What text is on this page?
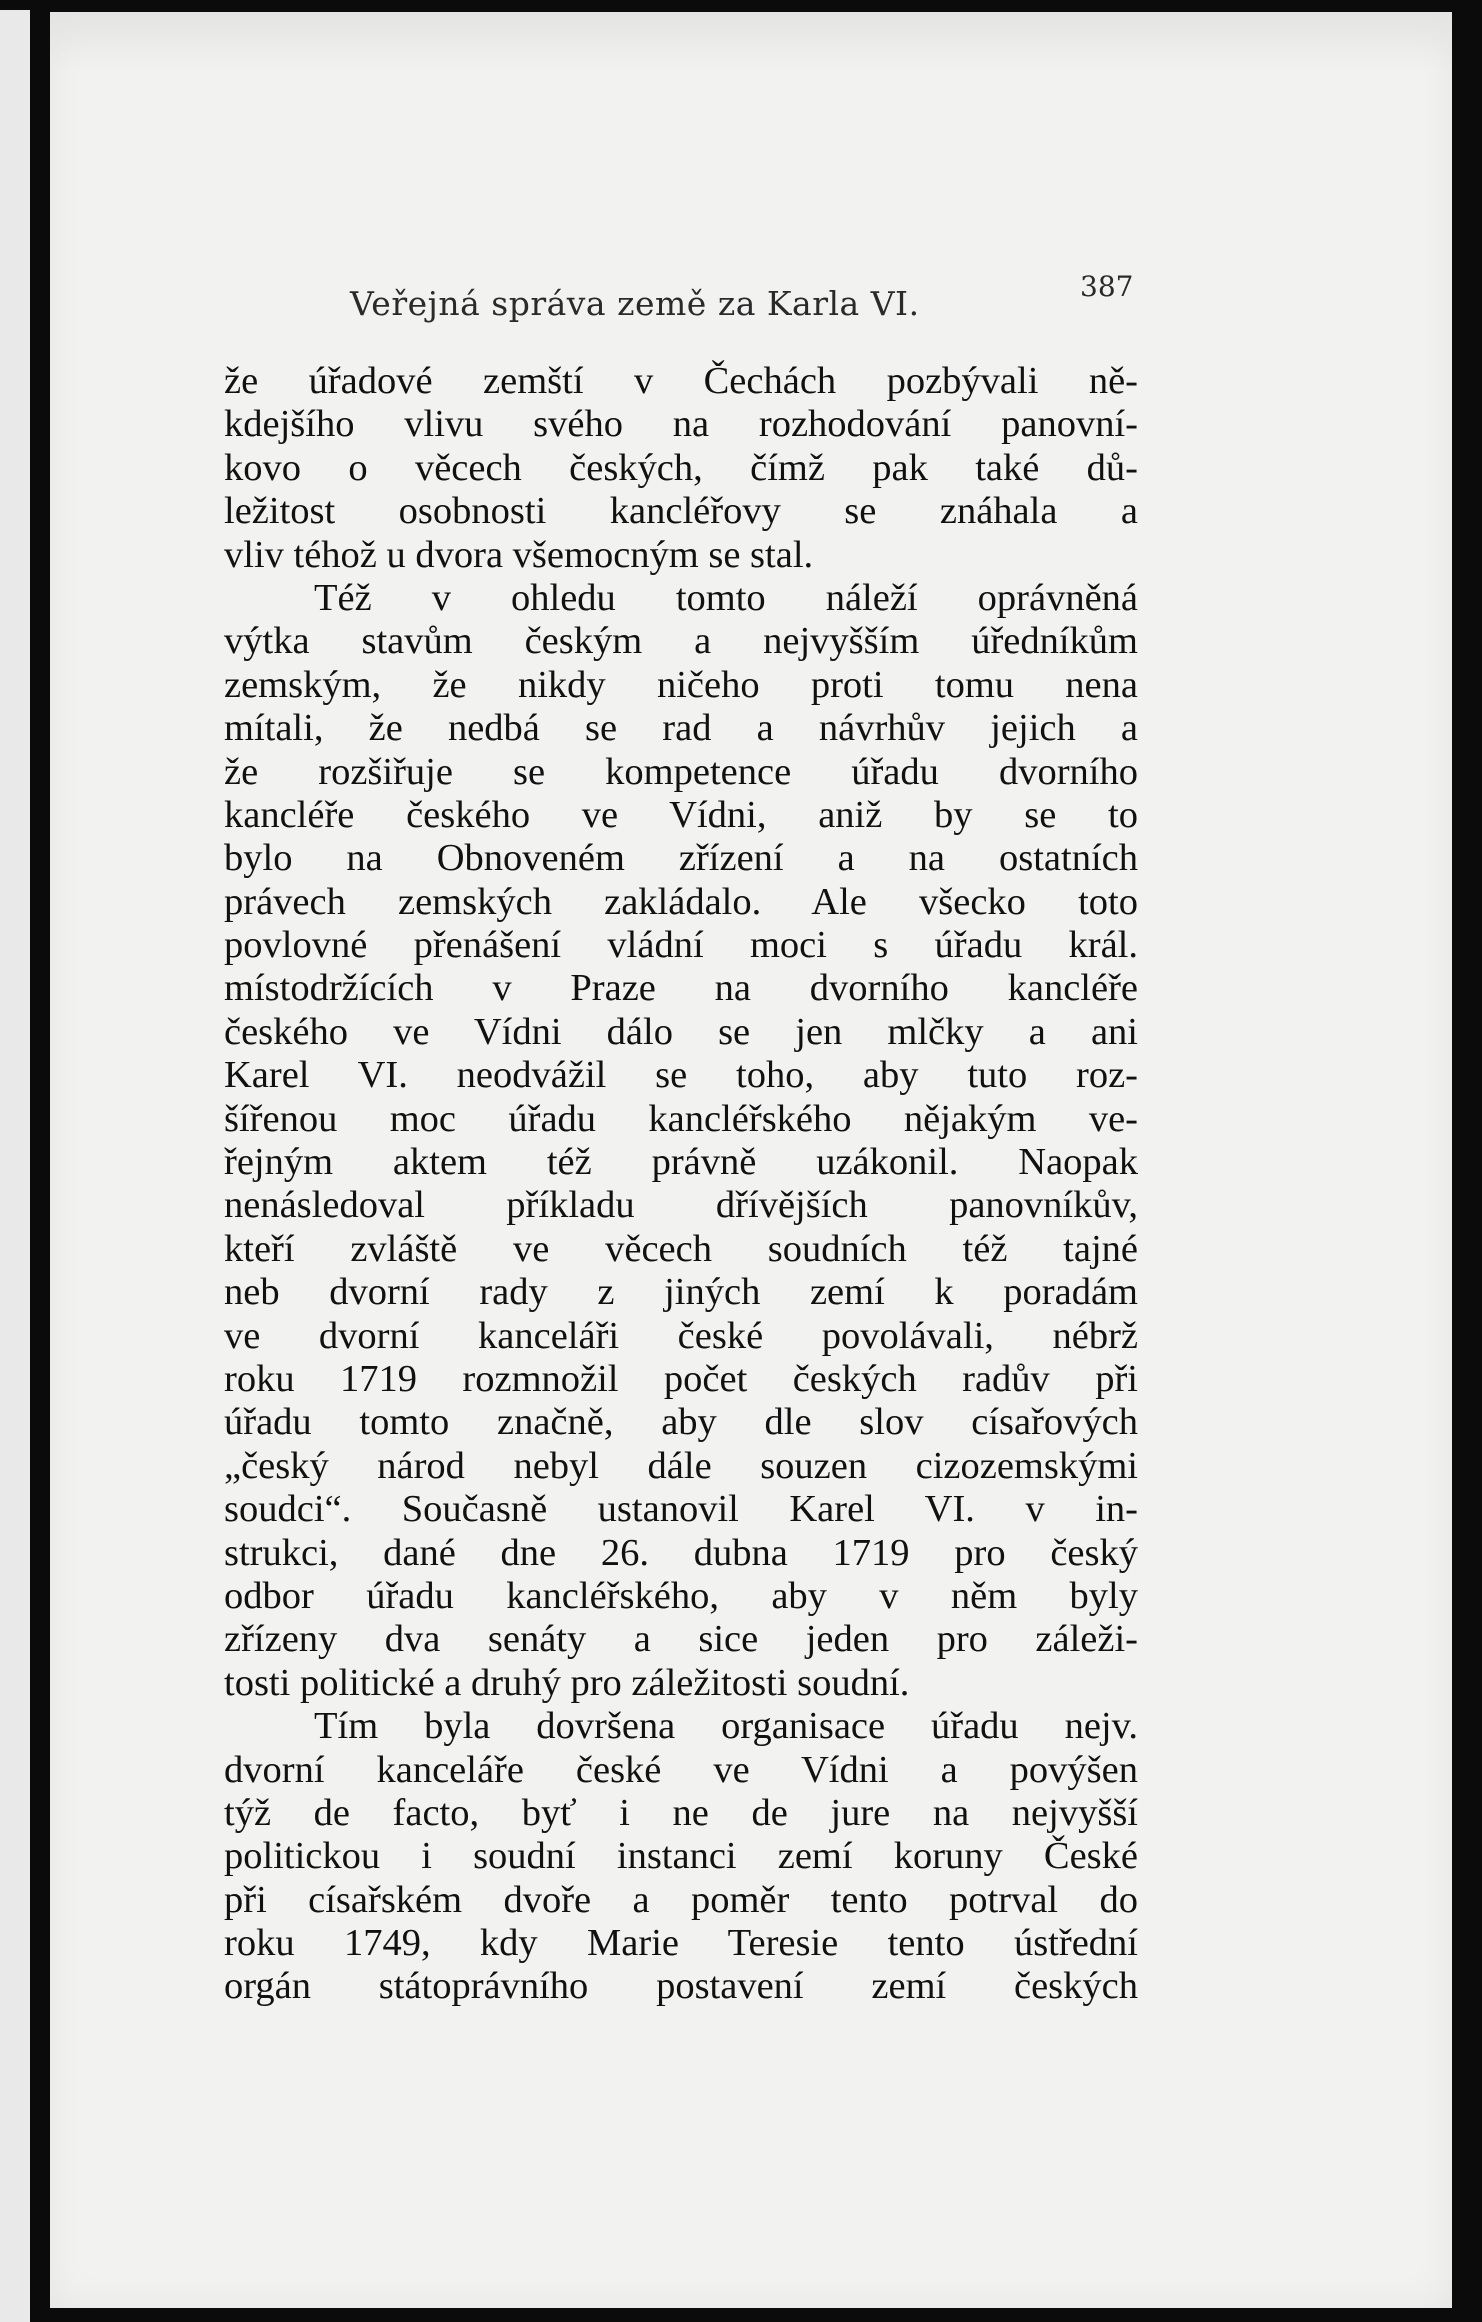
Veřejná správa země za Karla VI.	387
že úřadové zemští v Čechách pozbývali ně-
kdejšího vlivu svého na rozhodování panovní-
kovo o věcech českých, čímž pak také dů-
ležitost osobnosti kancléřovy se znáhala a
vliv téhož u dvora všemocným se stal.
Též v ohledu tomto náleží oprávněná
výtka stavům českým a nejvyšším úředníkům
zemským, že nikdy ničeho proti tomu nena
mítali, že nedbá se rad a návrhův jejich a
že rozšiřuje se kompetence úřadu dvorního
kancléře českého ve Vídni, aniž by se to
bylo na Obnoveném zřízení a na ostatních
právech zemských zakládalo. Ale všecko toto
povlovné přenášení vládní moci s úřadu král.
místodržících v Praze na dvorního kancléře
českého ve Vídni dálo se jen mlčky a ani
Karel VI. neodvážil se toho, aby tuto roz-
šířenou moc úřadu kancléřského nějakým ve-
řejným aktem též právně uzákonil. Naopak
nenásledoval příkladu dřívějších panovníkův,
kteří zvláště ve věcech soudních též tajné
neb dvorní rady z jiných zemí k poradám
ve dvorní kanceláři české povolávali, nébrž
roku 1719 rozmnožil počet českých radův při
úřadu tomto značně, aby dle slov císařových
„český národ nebyl dále souzen cizozemskými
soudci“. Současně ustanovil Karel VI. v in-
strukci, dané dne 26. dubna 1719 pro český
odbor úřadu kancléřského, aby v něm byly
zřízeny dva senáty a sice jeden pro záleži-
tosti politické a druhý pro záležitosti soudní.
Tím byla dovršena organisace úřadu nejv.
dvorní kanceláře české ve Vídni a povýšen
týž de facto, byť i ne de jure na nejvyšší
politickou i soudní instanci zemí koruny České
při císařském dvoře a poměr tento potrval do
roku 1749, kdy Marie Teresie tento ústřední
orgán státoprávního postavení zemí českých
